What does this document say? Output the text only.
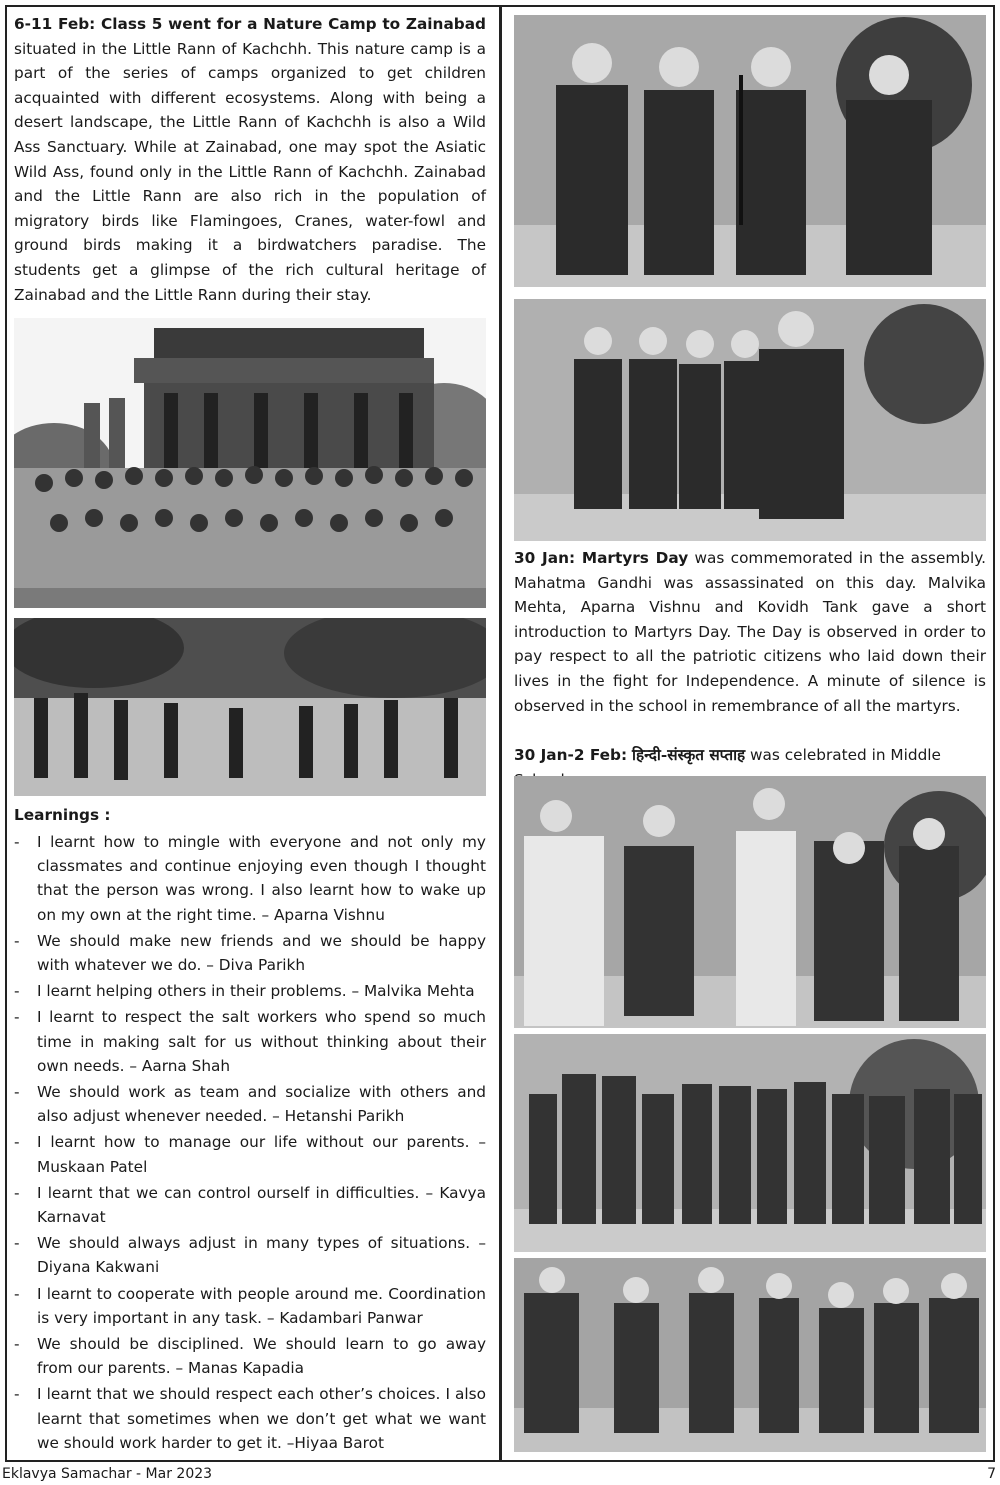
6-11 Feb: Class 5 went for a Nature Camp to Zainabad situated in the Little Rann of Kachchh. This nature camp is a part of the series of camps organized to get children acquainted with different ecosystems. Along with being a desert landscape, the Little Rann of Kachchh is also a Wild Ass Sanctuary. While at Zainabad, one may spot the Asiatic Wild Ass, found only in the Little Rann of Kachchh. Zainabad and the Little Rann are also rich in the population of migratory birds like Flamingoes, Cranes, water-fowl and ground birds making it a birdwatchers paradise. The students get a glimpse of the rich cultural heritage of Zainabad and the Little Rann during their stay.

Learnings :
- I learnt how to mingle with everyone and not only my classmates and continue enjoying even though I thought that the person was wrong. I also learnt how to wake up on my own at the right time. – Aparna Vishnu
- We should make new friends and we should be happy with whatever we do. – Diva Parikh
- I learnt helping others in their problems. – Malvika Mehta
- I learnt to respect the salt workers who spend so much time in making salt for us without thinking about their own needs. – Aarna Shah
- We should work as team and socialize with others and also adjust whenever needed. – Hetanshi Parikh
- I learnt how to manage our life without our parents. –Muskaan Patel
- I learnt that we can control ourself in difficulties. – Kavya Karnavat
- We should always adjust in many types of situations. – Diyana Kakwani
- I learnt to cooperate with people around me. Coordination is very important in any task. – Kadambari Panwar
- We should be disciplined. We should learn to go away from our parents. – Manas Kapadia
- I learnt that we should respect each other’s choices. I also learnt that sometimes when we don’t get what we want we should work harder to get it. –Hiyaa Barot

30 Jan: Martyrs Day was commemorated in the assembly. Mahatma Gandhi was assassinated on this day. Malvika Mehta, Aparna Vishnu and Kovidh Tank gave a short introduction to Martyrs Day. The Day is observed in order to pay respect to all the patriotic citizens who laid down their lives in the fight for Independence. A minute of silence is observed in the school in remembrance of all the martyrs.

30 Jan-2 Feb: हिन्दी-संस्कृत सप्ताह was celebrated in Middle

Eklavya Samachar - Mar 2023	7
